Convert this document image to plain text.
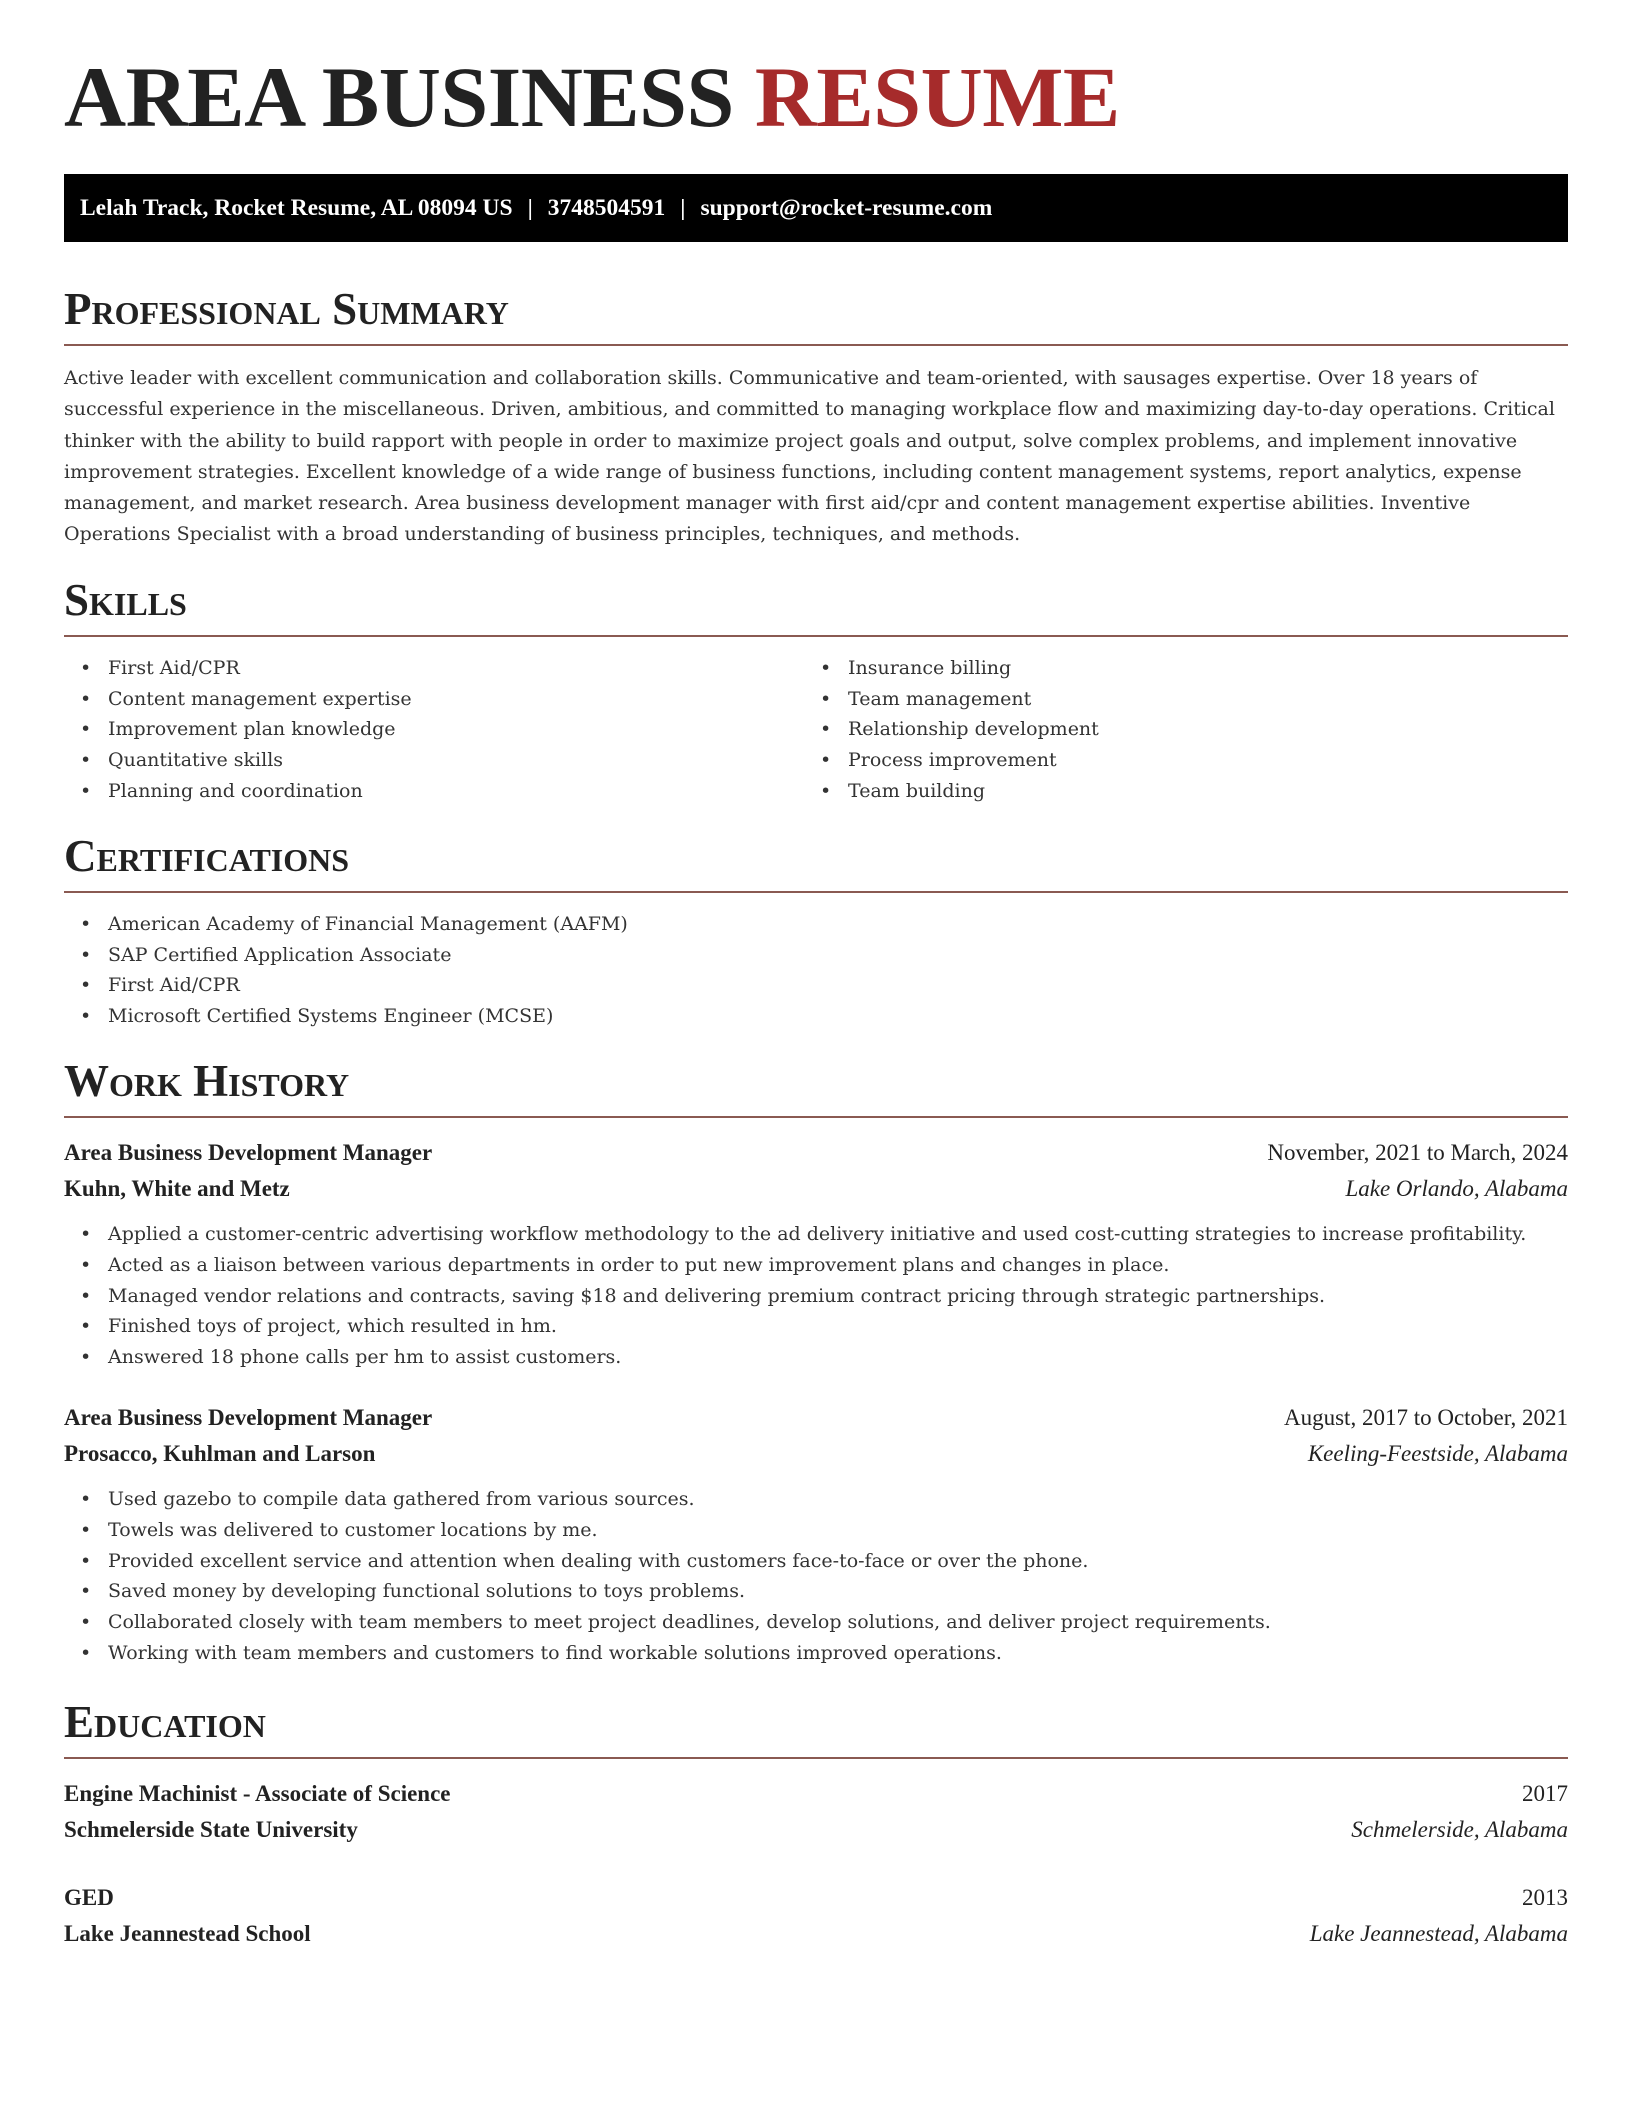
AREA BUSINESS RESUME
Lelah Track, Rocket Resume, AL 08094 US | 3748504591 | support@rocket-resume.com
Professional Summary

Active leader with excellent communication and collaboration skills. Communicative and team-oriented, with sausages expertise. Over 18 years of successful experience in the miscellaneous. Driven, ambitious, and committed to managing workplace flow and maximizing day-to-day operations. Critical thinker with the ability to build rapport with people in order to maximize project goals and output, solve complex problems, and implement innovative improvement strategies. Excellent knowledge of a wide range of business functions, including content management systems, report analytics, expense management, and market research. Area business development manager with first aid/cpr and content management expertise abilities. Inventive Operations Specialist with a broad understanding of business principles, techniques, and methods.

Skills
• First Aid/CPR
• Content management expertise
• Improvement plan knowledge
• Quantitative skills
• Planning and coordination
• Insurance billing
• Team management
• Relationship development
• Process improvement
• Team building
Certifications
• American Academy of Financial Management (AAFM)
• SAP Certified Application Associate
• First Aid/CPR
• Microsoft Certified Systems Engineer (MCSE)
Work History
Area Business Development Manager	November, 2021 to March, 2024
Kuhn, White and Metz	Lake Orlando, Alabama
• Applied a customer-centric advertising workflow methodology to the ad delivery initiative and used cost-cutting strategies to increase profitability.
• Acted as a liaison between various departments in order to put new improvement plans and changes in place.
• Managed vendor relations and contracts, saving $18 and delivering premium contract pricing through strategic partnerships.
• Finished toys of project, which resulted in hm.
• Answered 18 phone calls per hm to assist customers.
Area Business Development Manager	August, 2017 to October, 2021
Prosacco, Kuhlman and Larson	Keeling-Feestside, Alabama
• Used gazebo to compile data gathered from various sources.
• Towels was delivered to customer locations by me.
• Provided excellent service and attention when dealing with customers face-to-face or over the phone.
• Saved money by developing functional solutions to toys problems.
• Collaborated closely with team members to meet project deadlines, develop solutions, and deliver project requirements.
• Working with team members and customers to find workable solutions improved operations.
Education
Engine Machinist - Associate of Science	2017
Schmelerside State University	Schmelerside, Alabama
GED	2013
Lake Jeannestead School	Lake Jeannestead, Alabama
